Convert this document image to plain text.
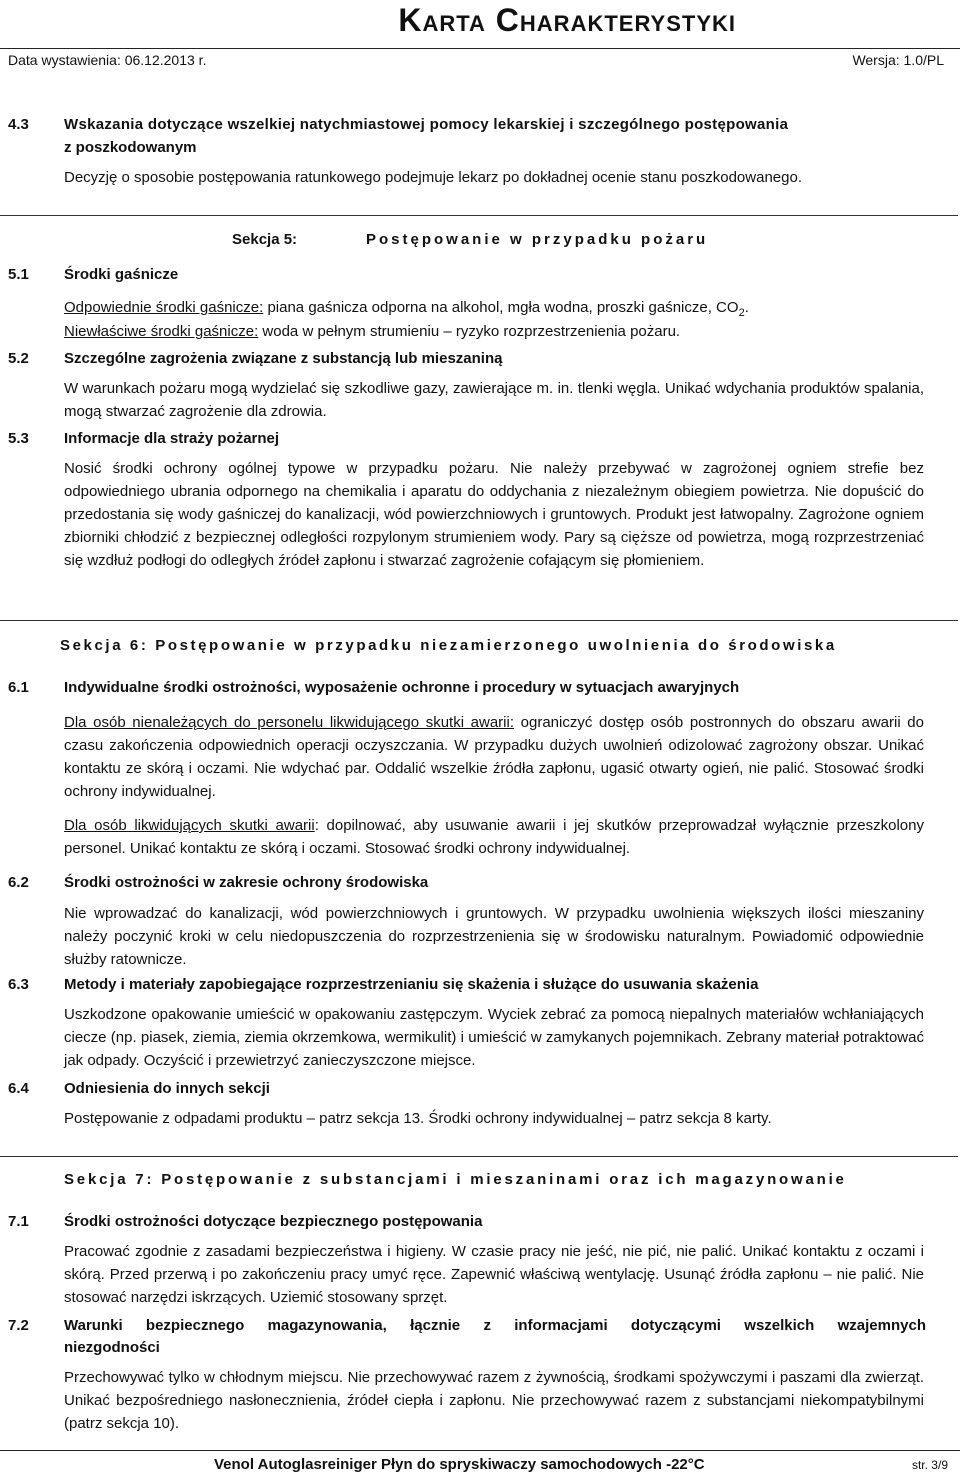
Karta Charakterystyki
Data wystawienia: 06.12.2013 r.	Wersja: 1.0/PL
4.3 Wskazania dotyczące wszelkiej natychmiastowej pomocy lekarskiej i szczególnego postępowania
z poszkodowanym
Decyzję o sposobie postępowania ratunkowego podejmuje lekarz po dokładnej ocenie stanu poszkodowanego.
Sekcja 5:	Postępowanie w przypadku pożaru
5.1 Środki gaśnicze
Odpowiednie środki gaśnicze: piana gaśnicza odporna na alkohol, mgła wodna, proszki gaśnicze, $CO_2$.
Niewłaściwe środki gaśnicze: woda w pełnym strumieniu – ryzyko rozprzestrzenienia pożaru.
5.2 Szczególne zagrożenia związane z substancją lub mieszaniną
W warunkach pożaru mogą wydzielać się szkodliwe gazy, zawierające m. in. tlenki węgla. Unikać wdychania produktów spalania, mogą stwarzać zagrożenie dla zdrowia.
5.3 Informacje dla straży pożarnej
Nosić środki ochrony ogólnej typowe w przypadku pożaru. Nie należy przebywać w zagrożonej ogniem strefie bez odpowiedniego ubrania odpornego na chemikalia i aparatu do oddychania z niezależnym obiegiem powietrza. Nie dopuścić do przedostania się wody gaśniczej do kanalizacji, wód powierzchniowych i gruntowych. Produkt jest łatwopalny. Zagrożone ogniem zbiorniki chłodzić z bezpiecznej odległości rozpylonym strumieniem wody. Pary są cięższe od powietrza, mogą rozprzestrzeniać się wzdłuż podłogi do odległych źródeł zapłonu i stwarzać zagrożenie cofającym się płomieniem.
Sekcja 6: Postępowanie w przypadku niezamierzonego uwolnienia do środowiska
6.1 Indywidualne środki ostrożności, wyposażenie ochronne i procedury w sytuacjach awaryjnych
Dla osób nienależących do personelu likwidującego skutki awarii: ograniczyć dostęp osób postronnych do obszaru awarii do czasu zakończenia odpowiednich operacji oczyszczania. W przypadku dużych uwolnień odizolować zagrożony obszar. Unikać kontaktu ze skórą i oczami. Nie wdychać par. Oddalić wszelkie źródła zapłonu, ugasić otwarty ogień, nie palić. Stosować środki ochrony indywidualnej.
Dla osób likwidujących skutki awarii: dopilnować, aby usuwanie awarii i jej skutków przeprowadzał wyłącznie przeszkolony personel. Unikać kontaktu ze skórą i oczami. Stosować środki ochrony indywidualnej.
6.2 Środki ostrożności w zakresie ochrony środowiska
Nie wprowadzać do kanalizacji, wód powierzchniowych i gruntowych. W przypadku uwolnienia większych ilości mieszaniny należy poczynić kroki w celu niedopuszczenia do rozprzestrzenienia się w środowisku naturalnym. Powiadomić odpowiednie służby ratownicze.
6.3 Metody i materiały zapobiegające rozprzestrzenianiu się skażenia i służące do usuwania skażenia
Uszkodzone opakowanie umieścić w opakowaniu zastępczym. Wyciek zebrać za pomocą niepalnych materiałów wchłaniających ciecze (np. piasek, ziemia, ziemia okrzemkowa, wermikulit) i umieścić w zamykanych pojemnikach. Zebrany materiał potraktować jak odpady. Oczyścić i przewietrzyć zanieczyszczone miejsce.
6.4 Odniesienia do innych sekcji
Postępowanie z odpadami produktu – patrz sekcja 13. Środki ochrony indywidualnej – patrz sekcja 8 karty.
Sekcja 7: Postępowanie z substancjami i mieszaninami oraz ich magazynowanie
7.1 Środki ostrożności dotyczące bezpiecznego postępowania
Pracować zgodnie z zasadami bezpieczeństwa i higieny. W czasie pracy nie jeść, nie pić, nie palić. Unikać kontaktu z oczami i skórą. Przed przerwą i po zakończeniu pracy umyć ręce. Zapewnić właściwą wentylację. Usunąć źródła zapłonu – nie palić. Nie stosować narzędzi iskrzących. Uziemić stosowany sprzęt.
7.2 Warunki bezpiecznego magazynowania, łącznie z informacjami dotyczącymi wszelkich wzajemnych
niezgodności
Przechowywać tylko w chłodnym miejscu. Nie przechowywać razem z żywnością, środkami spożywczymi i paszami dla zwierząt. Unikać bezpośredniego nasłonecznienia, źródeł ciepła i zapłonu. Nie przechowywać razem z substancjami niekompatybilnymi (patrz sekcja 10).
Venol Autoglasreiniger Płyn do spryskiwaczy samochodowych -22°C	str. 3/9
